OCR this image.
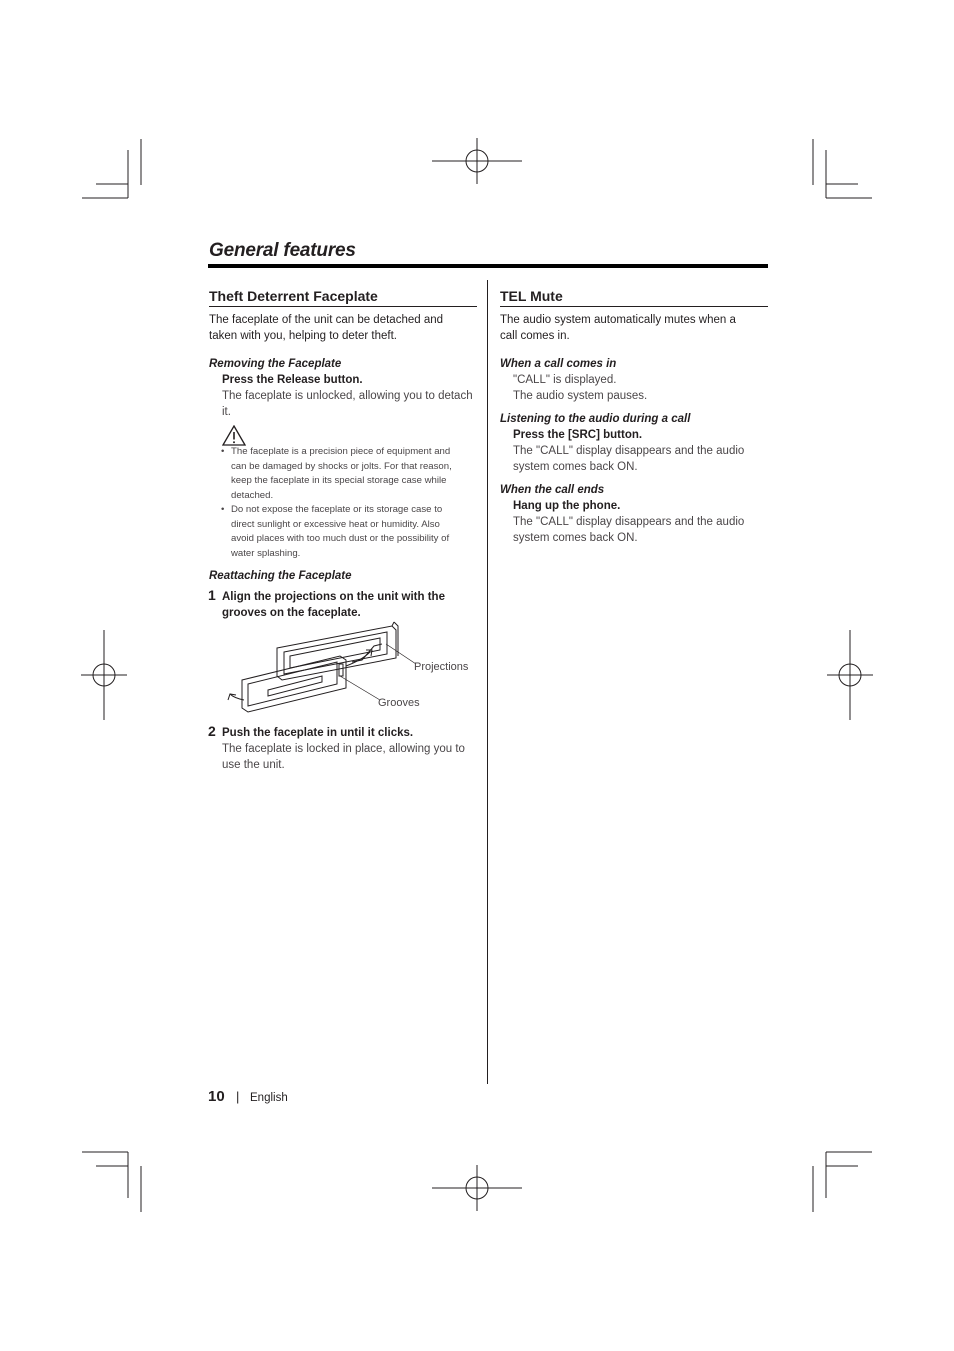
General features
Theft Deterrent Faceplate
The faceplate of the unit can be detached and
taken with you, helping to deter theft.
Removing the Faceplate
Press the Release button.
The faceplate is unlocked, allowing you to detach
it.
• The faceplate is a precision piece of equipment and
can be damaged by shocks or jolts. For that reason,
keep the faceplate in its special storage case while
detached.
• Do not expose the faceplate or its storage case to
direct sunlight or excessive heat or humidity. Also
avoid places with too much dust or the possibility of
water splashing.
Reattaching the Faceplate
1 Align the projections on the unit with the
grooves on the faceplate.
Projections
Grooves
2 Push the faceplate in until it clicks.
The faceplate is locked in place, allowing you to
use the unit.
TEL Mute
The audio system automatically mutes when a
call comes in.
When a call comes in
"CALL" is displayed.
The audio system pauses.
Listening to the audio during a call
Press the [SRC] button.
The "CALL" display disappears and the audio
system comes back ON.
When the call ends
Hang up the phone.
The "CALL" display disappears and the audio
system comes back ON.
10 | English
